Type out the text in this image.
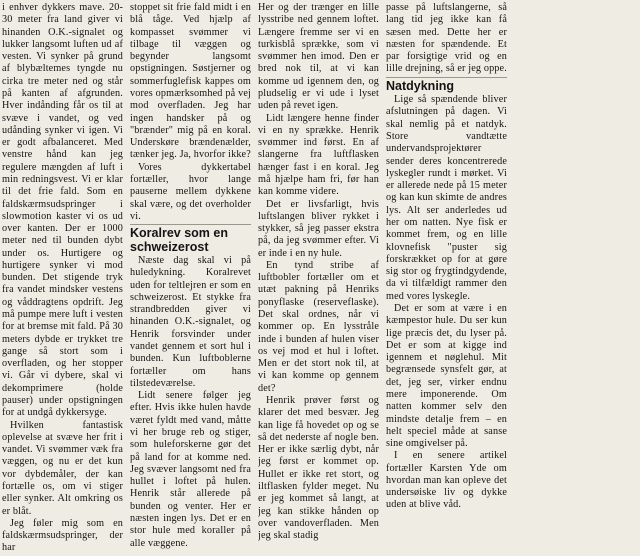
i enhver dykkers mave. 20-30 meter fra land giver vi hinanden O.K.-signalet og lukker langsomt luften ud af vesten. Vi synker på grund af blybæltemes tyngde nu cirka tre meter ned og står på kanten af afgrunden. Hver indånding får os til at svæve i vandet, og ved udånding synker vi igen. Vi er godt afbalanceret. Med venstre hånd kan jeg regulere mængden af luft i min redningsvest. Vi er klar til det frie fald. Som en faldskærmsudspringer i slowmotion kaster vi os ud over kanten. Der er 1000 meter ned til bunden dybt under os. Hurtigere og hurtigere synker vi mod bunden. Det stigende tryk fra vandet mindsker vestens og våddragtens opdrift. Jeg må pumpe mere luft i vesten for at bremse mit fald. På 30 meters dybde er trykket tre gange så stort som i overfladen, og her stopper vi. Går vi dybere, skal vi dekomprimere (holde pauser) under opstigningen for at undgå dykkersyge.

Hvilken fantastisk oplevelse at svæve her frit i vandet. Vi svømmer væk fra væggen, og nu er det kun vor dybdemåler, der kan fortælle os, om vi stiger eller synker. Alt omkring os er blåt.

Jeg føler mig som en faldskærmsudspringer, der har

stoppet sit frie fald midt i en blå tåge. Ved hjælp af kompasset svømmer vi tilbage til væggen og begynder langsomt opstigningen. Søstjerner og sommerfuglefisk kappes om vores opmærksomhed på vej mod overfladen. Jeg har ingen handsker på og "brænder" mig på en koral. Underskøre brændenælder, tænker jeg. Ja, hvorfor ikke?

Vores dykkertabel fortæller, hvor lange pauserne mellem dykkene skal være, og det overholder vi.

Koralrev som en schweizerost

Næste dag skal vi på huledykning. Koralrevet uden for teltlejren er som en schweizerost. Et stykke fra strandbredden giver vi hinanden O.K.-signalet, og Henrik forsvinder under vandet gennem et sort hul i bunden. Kun luftboblerne fortæller om hans tilstedeværelse.

Lidt senere følger jeg efter. Hvis ikke hulen havde været fyldt med vand, måtte vi her bruge reb og stiger, som huleforskerne gør det på land for at komme ned. Jeg svæver langsomt ned fra hullet i loftet på hulen. Henrik står allerede på bunden og venter. Her er næsten ingen lys. Det er en stor hule med koraller på alle væggene.

Her og der trænger en lille lysstribe ned gennem loftet. Længere fremme ser vi en turkisblå sprække, som vi svømmer hen imod. Den er bred nok til, at vi kan komme ud igennem den, og pludselig er vi ude i lyset uden på revet igen.

Lidt længere henne finder vi en ny sprække. Henrik svømmer ind først. En af slangerne fra luftflasken hænger fast i en koral. Jeg må hjælpe ham fri, før han kan komme videre.

Det er livsfarligt, hvis luftslangen bliver rykket i stykker, så jeg passer ekstra på, da jeg svømmer efter. Vi er inde i en ny hule.

En tynd stribe af luftbobler fortæller om et utæt pakning på Henriks ponyflaske (reserveflaske). Det skal ordnes, når vi kommer op. En lysstråle inde i bunden af hulen viser os vej mod et hul i loftet. Men er det stort nok til, at vi kan komme op gennem det?

Henrik prøver først og klarer det med besvær. Jeg kan lige få hovedet op og se så det nederste af nogle ben. Her er ikke særlig dybt, når jeg først er kommet op. Hullet er ikke ret stort, og iltflasken fylder meget. Nu er jeg kommet så langt, at jeg kan stikke hånden op over vandoverfladen. Men jeg skal stadig

passe på luftslangerne, så lang tid jeg ikke kan få sæsen med. Dette her er næsten for spændende. Et par forsigtige vrid og en lille drejning, så er jeg oppe.

Natdykning

Lige så spændende bliver afslutningen på dagen. Vi skal nemlig på et natdyk. Store vandtætte undervandsprojektører sender deres koncentrerede lyskegler rundt i mørket. Vi er allerede nede på 15 meter og kan kun skimte de andres lys. Alt ser anderledes ud her om natten. Nye fisk er kommet frem, og en lille klovnefisk "puster sig forskrækket op for at gøre sig stor og frygtindgydende, da vi tilfældigt rammer den med vores lyskegle.

Det er som at være i en kæmpestor hule. Du ser kun lige præcis det, du lyser på. Det er som at kigge ind igennem et nøglehul. Mit begrænsede synsfelt gør, at det, jeg ser, virker endnu mere imponerende. Om natten kommer selv den mindste detalje frem – en helt speciel måde at sanse sine omgivelser på.

I en senere artikel fortæller Karsten Yde om hvordan man kan opleve det undersøiske liv og dykke uden at blive våd.
